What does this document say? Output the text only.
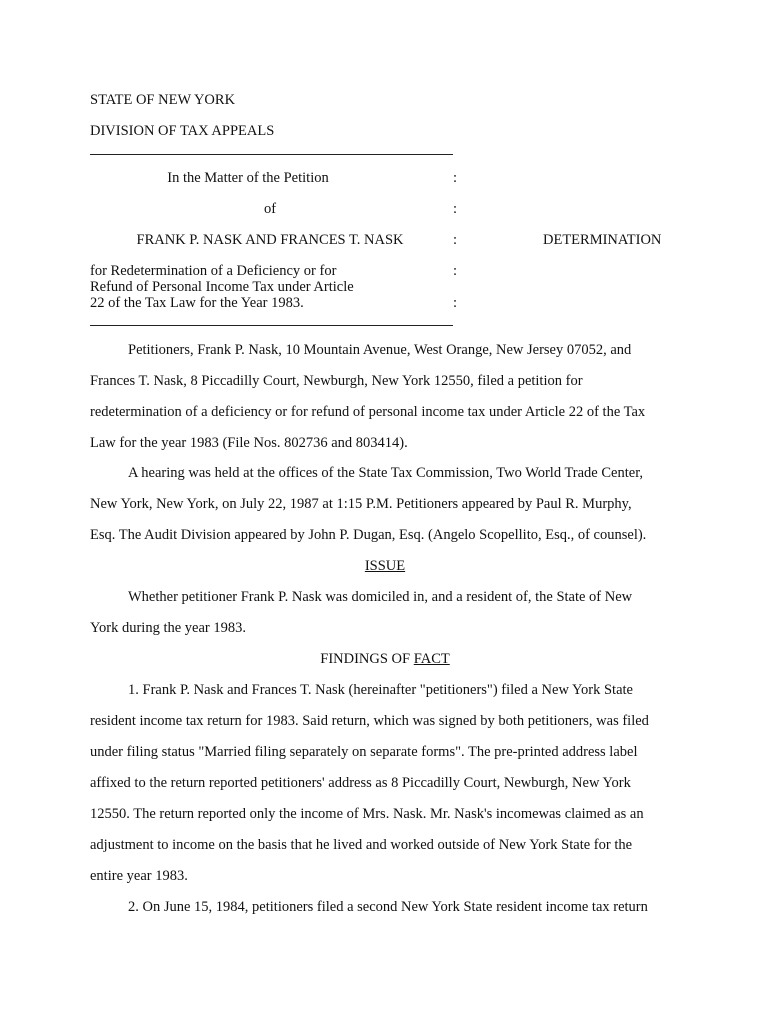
STATE OF NEW YORK
DIVISION OF TAX APPEALS
In the Matter of the Petition	:
of	:
FRANK P. NASK AND FRANCES T. NASK	:	DETERMINATION
for Redetermination of a Deficiency or for	:
Refund of Personal Income Tax under Article
22 of the Tax Law for the Year 1983.	:
Petitioners, Frank P. Nask, 10 Mountain Avenue, West Orange, New Jersey 07052, and
Frances T. Nask, 8 Piccadilly Court, Newburgh, New York 12550, filed a petition for
redetermination of a deficiency or for refund of personal income tax under Article 22 of the Tax
Law for the year 1983 (File Nos. 802736 and 803414).
A hearing was held at the offices of the State Tax Commission, Two World Trade Center,
New York, New York, on July 22, 1987 at 1:15 P.M. Petitioners appeared by Paul R. Murphy,
Esq. The Audit Division appeared by John P. Dugan, Esq. (Angelo Scopellito, Esq., of counsel).
ISSUE
Whether petitioner Frank P. Nask was domiciled in, and a resident of, the State of New
York during the year 1983.
FINDINGS OF FACT
1. Frank P. Nask and Frances T. Nask (hereinafter "petitioners") filed a New York State
resident income tax return for 1983. Said return, which was signed by both petitioners, was filed
under filing status "Married filing separately on separate forms". The pre-printed address label
affixed to the return reported petitioners' address as 8 Piccadilly Court, Newburgh, New York
12550. The return reported only the income of Mrs. Nask. Mr. Nask's incomewas claimed as an
adjustment to income on the basis that he lived and worked outside of New York State for the
entire year 1983.
2. On June 15, 1984, petitioners filed a second New York State resident income tax return
